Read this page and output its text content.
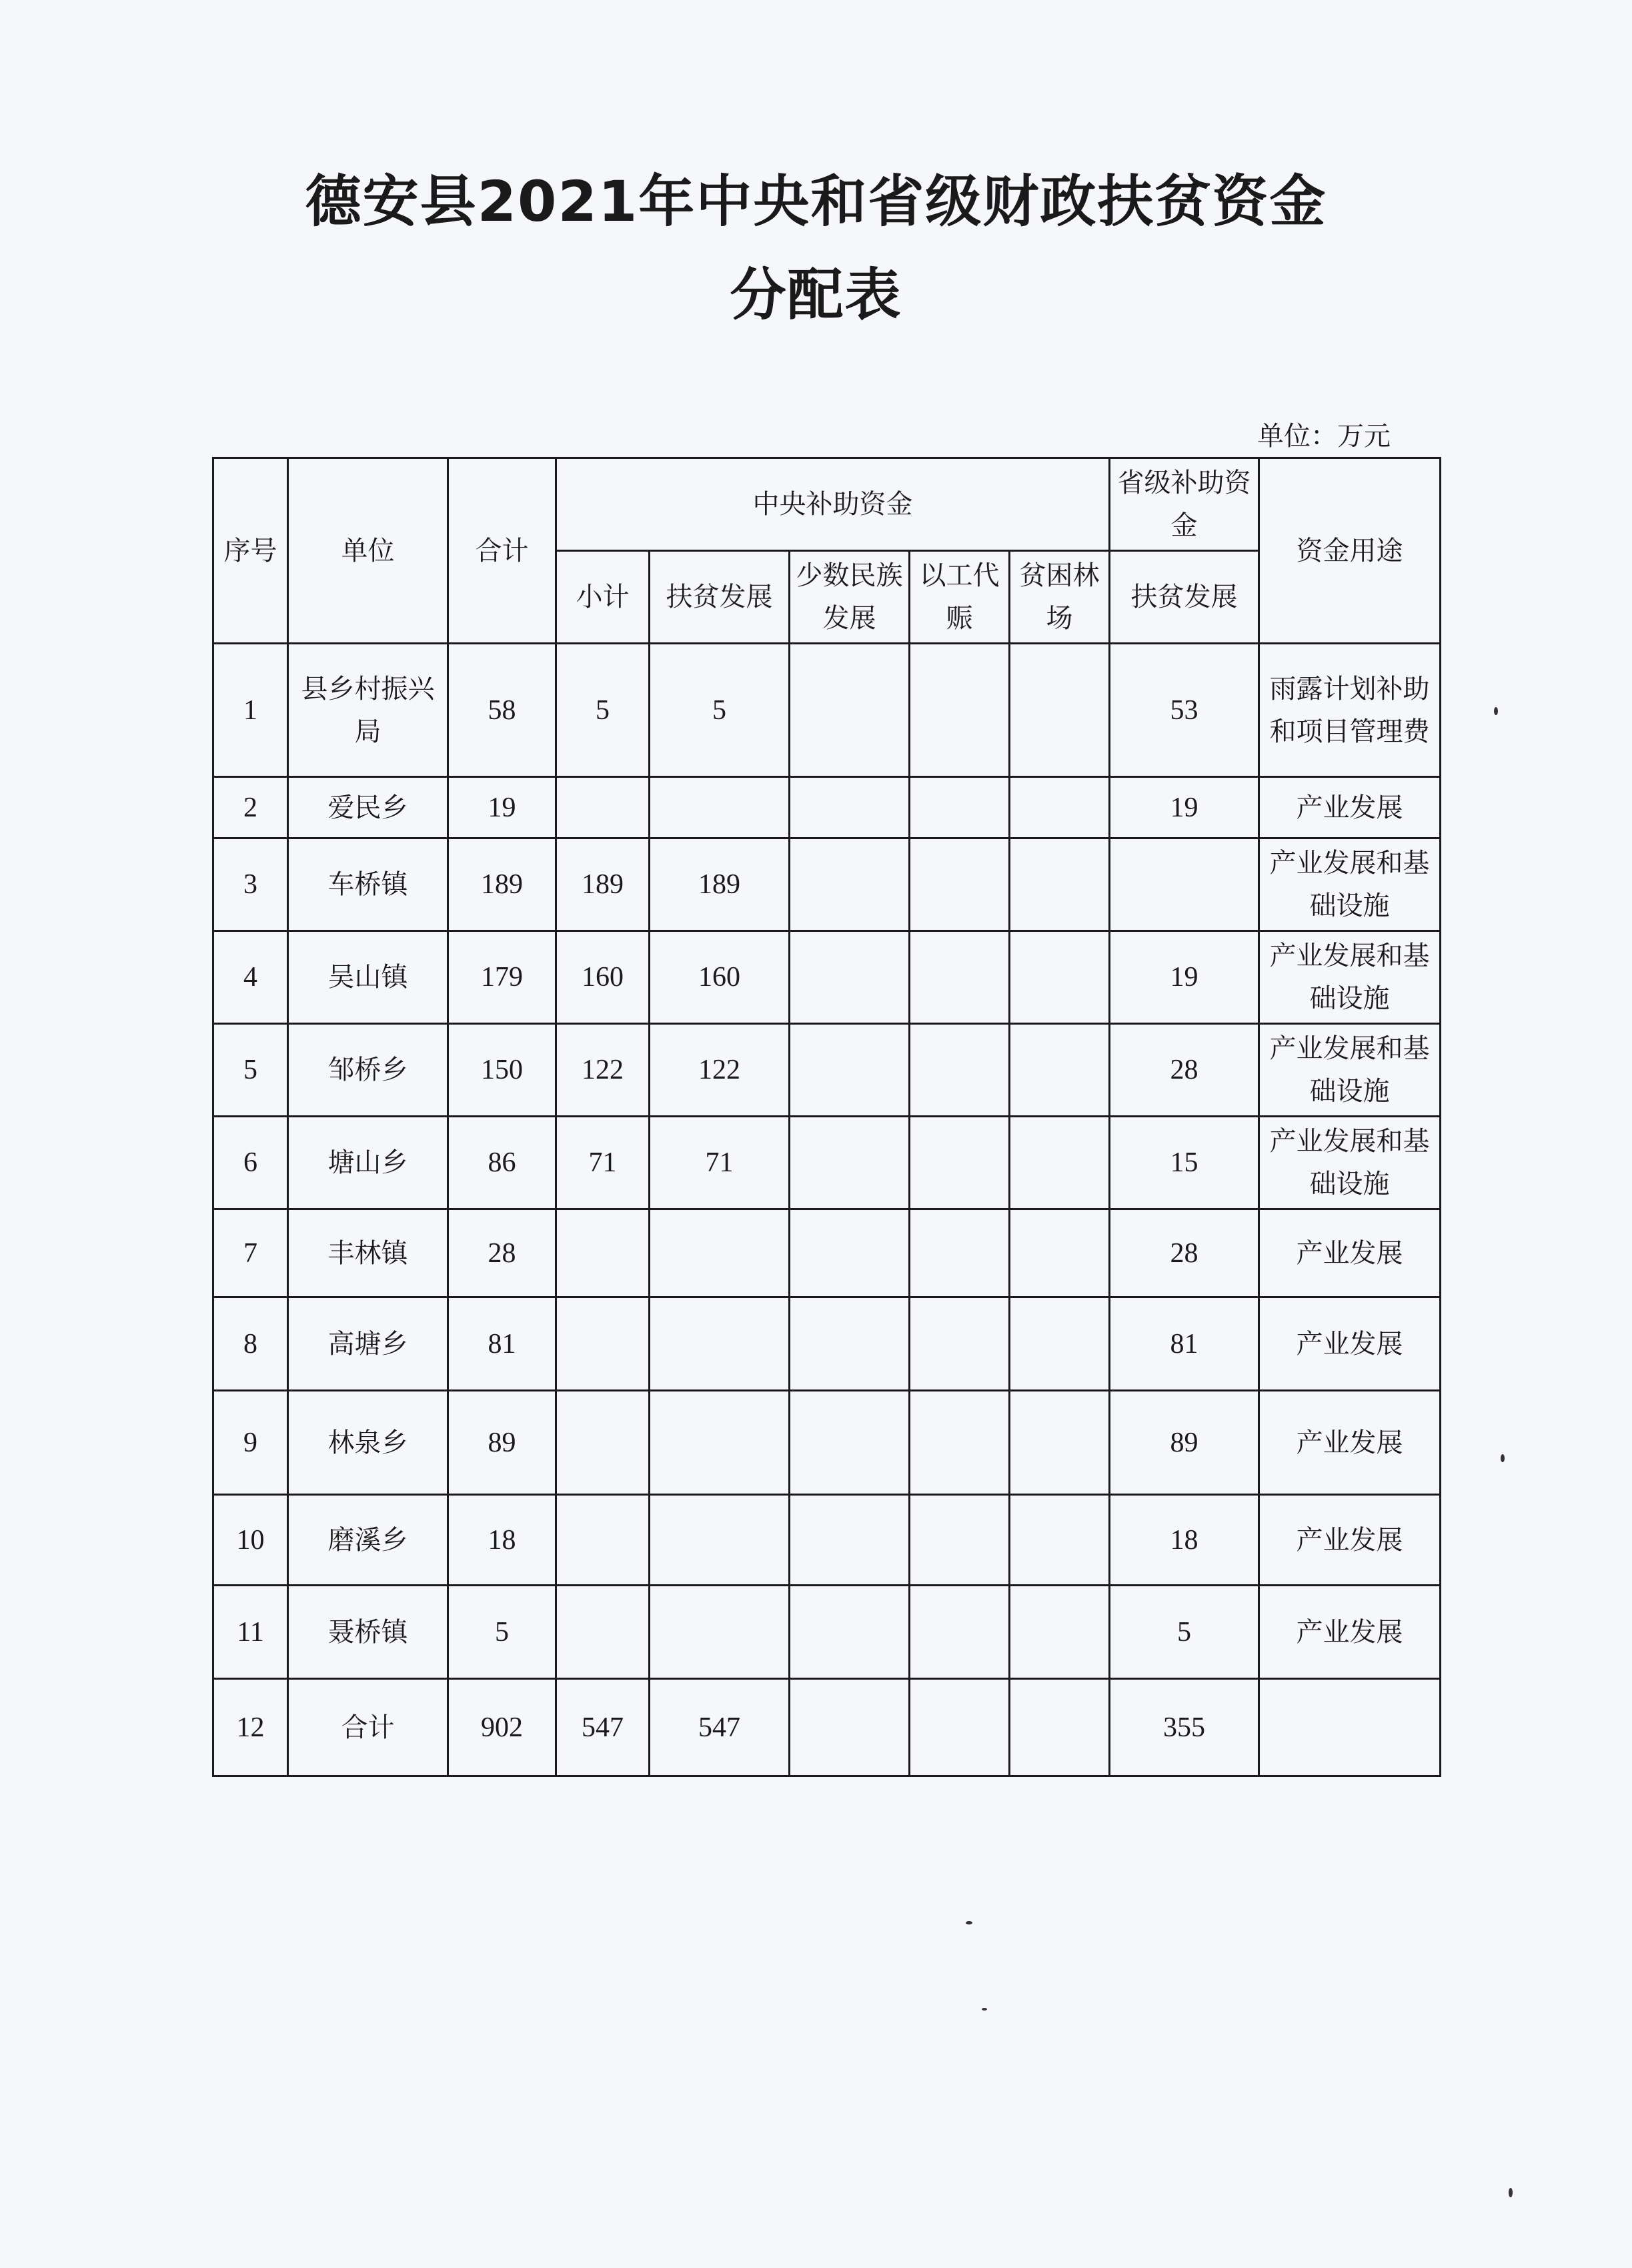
德安县2021年中央和省级财政扶贫资金
分配表
单位：万元
序号	单位	合计	中央补助资金					省级补助资金	资金用途
			小计	扶贫发展	少数民族发展	以工代赈	贫困林场	扶贫发展	
1	县乡村振兴局	58	5	5				53	雨露计划补助和项目管理费
2	爱民乡	19						19	产业发展
3	车桥镇	189	189	189					产业发展和基础设施
4	吴山镇	179	160	160				19	产业发展和基础设施
5	邹桥乡	150	122	122				28	产业发展和基础设施
6	塘山乡	86	71	71				15	产业发展和基础设施
7	丰林镇	28						28	产业发展
8	高塘乡	81						81	产业发展
9	林泉乡	89						89	产业发展
10	磨溪乡	18						18	产业发展
11	聂桥镇	5						5	产业发展
12	合计	902	547	547				355	
